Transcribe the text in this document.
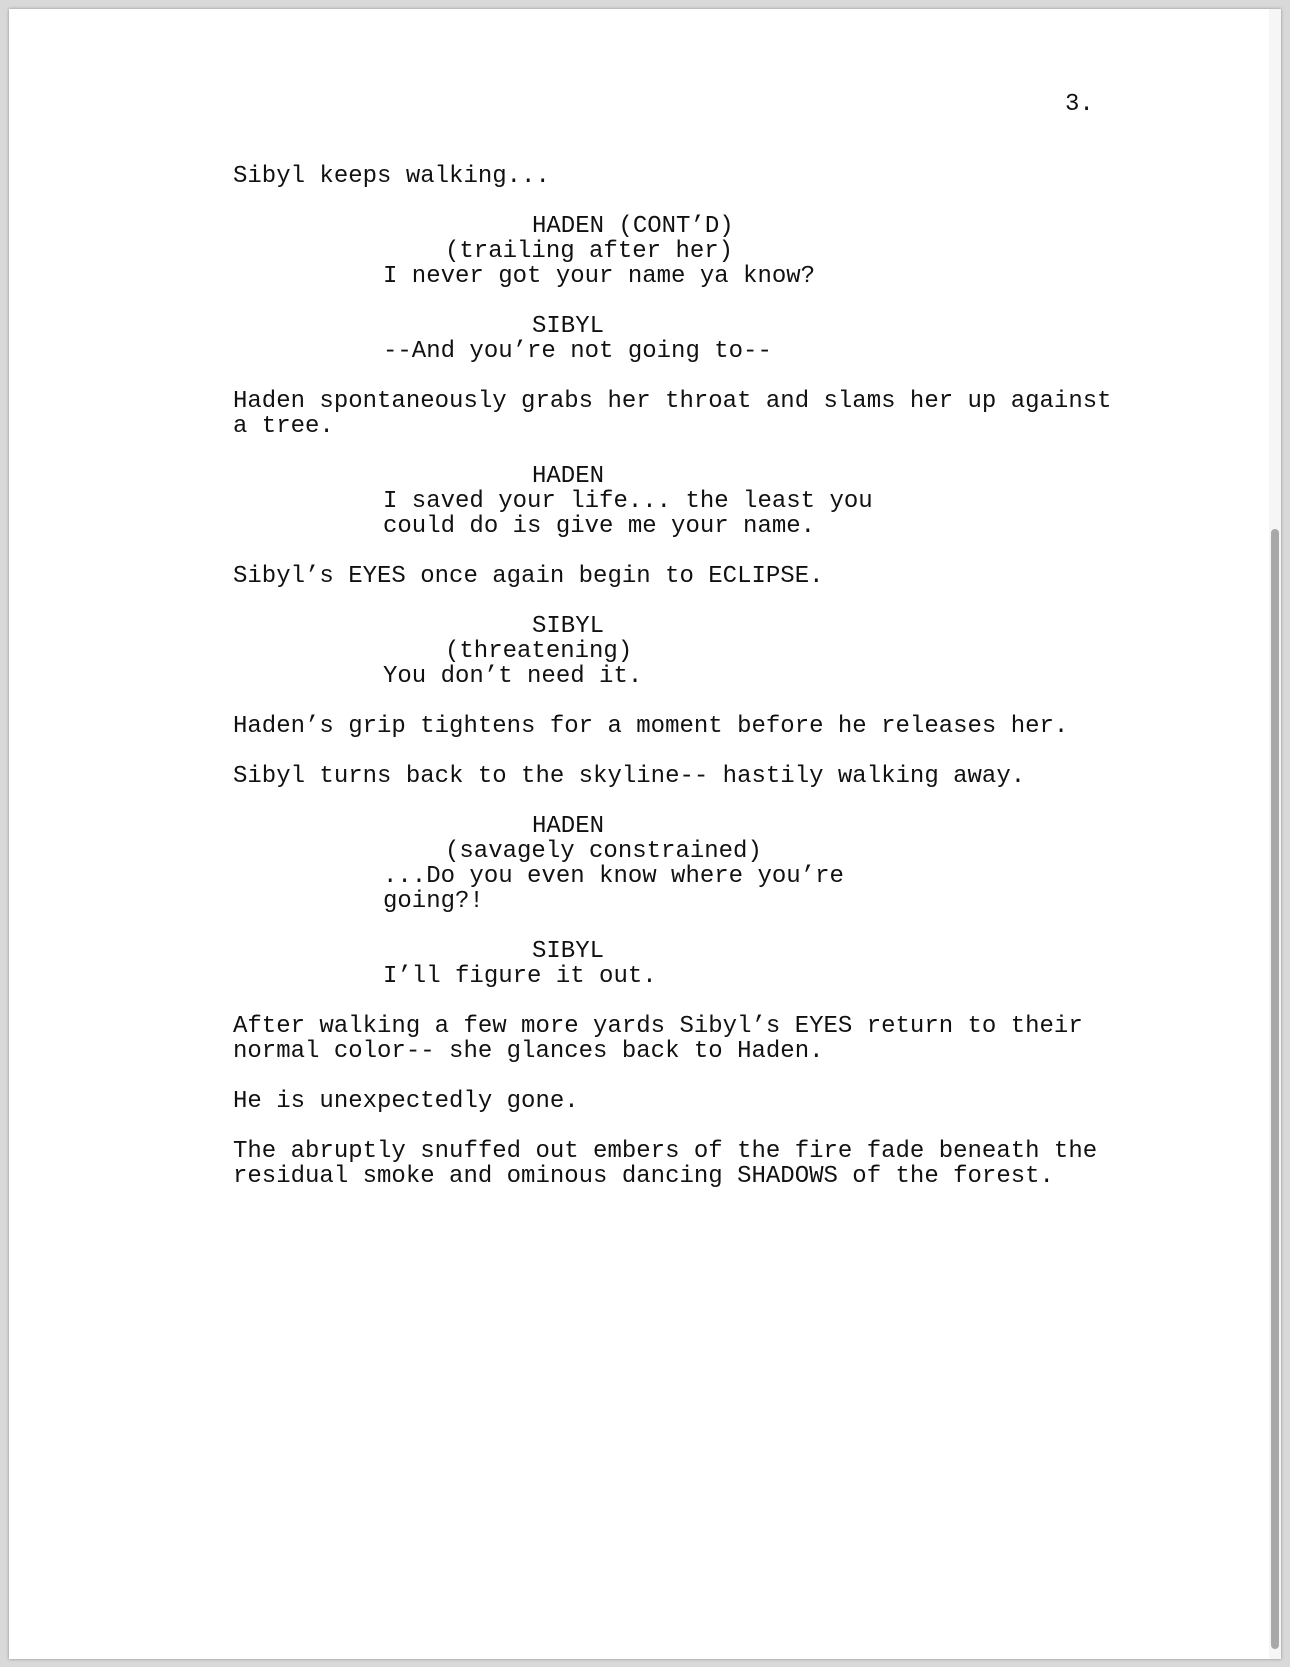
3.

Sibyl keeps walking...

HADEN (CONT’D)

(trailing after her)

I never got your name ya know?

SIBYL

--And you’re not going to--

Haden spontaneously grabs her throat and slams her up against

a tree.

HADEN

I saved your life... the least you

could do is give me your name.

Sibyl’s EYES once again begin to ECLIPSE.

SIBYL

(threatening)

You don’t need it.

Haden’s grip tightens for a moment before he releases her.

Sibyl turns back to the skyline-- hastily walking away.

HADEN

(savagely constrained)

...Do you even know where you’re

going?!

SIBYL

I’ll figure it out.

After walking a few more yards Sibyl’s EYES return to their

normal color-- she glances back to Haden.

He is unexpectedly gone.

The abruptly snuffed out embers of the fire fade beneath the

residual smoke and ominous dancing SHADOWS of the forest.
